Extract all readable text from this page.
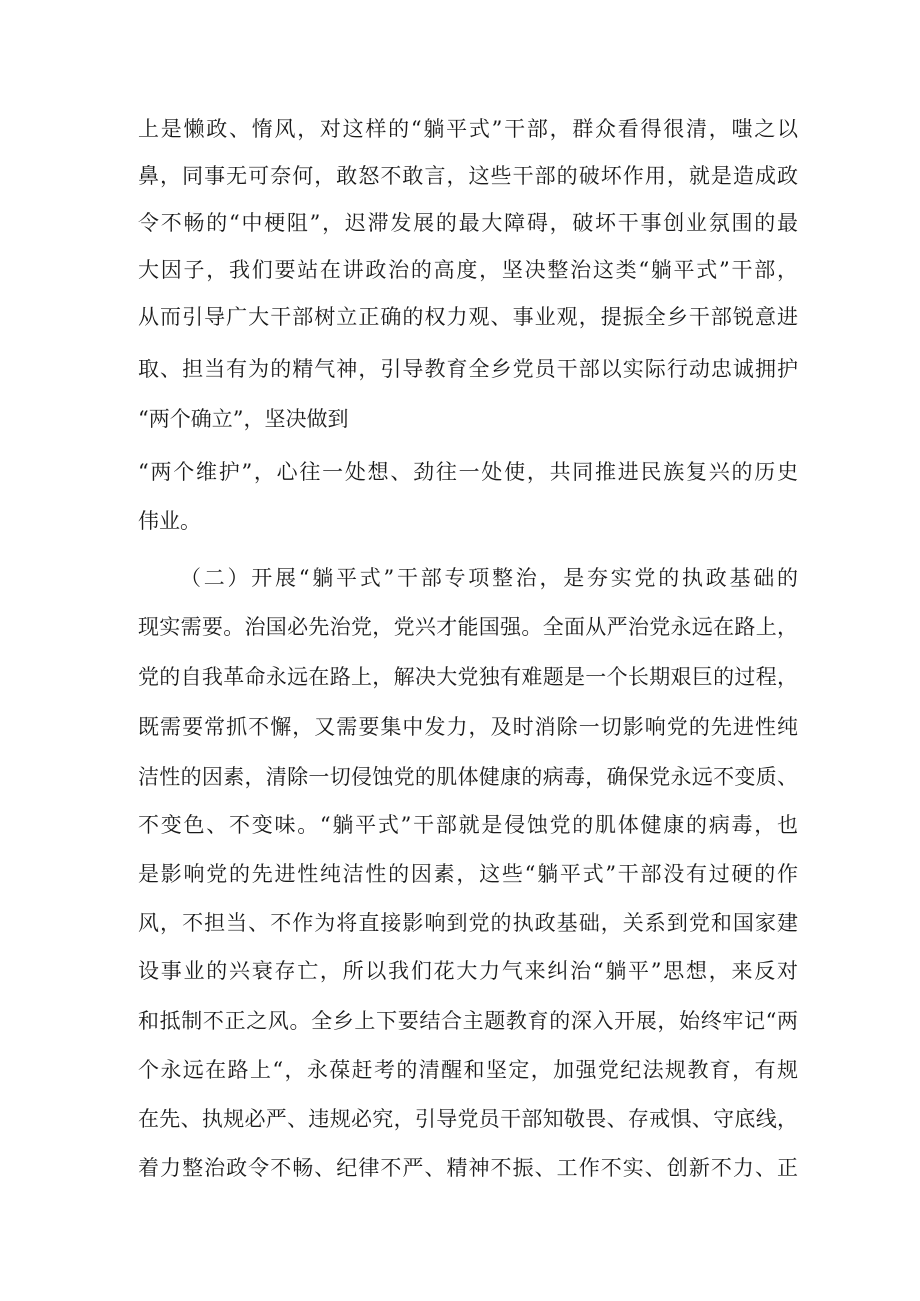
上是懒政、惰风，对这样的“躺平式”干部，群众看得很清，嗤之以
鼻，同事无可奈何，敢怒不敢言，这些干部的破坏作用，就是造成政
令不畅的“中梗阻”，迟滞发展的最大障碍，破坏干事创业氛围的最
大因子，我们要站在讲政治的高度，坚决整治这类“躺平式”干部，
从而引导广大干部树立正确的权力观、事业观，提振全乡干部锐意进
取、担当有为的精气神，引导教育全乡党员干部以实际行动忠诚拥护
“两个确立”，坚决做到
“两个维护”，心往一处想、劲往一处使，共同推进民族复兴的历史
伟业。
（二）开展“躺平式”干部专项整治，是夯实党的执政基础的
现实需要。治国必先治党，党兴才能国强。全面从严治党永远在路上，
党的自我革命永远在路上，解决大党独有难题是一个长期艰巨的过程，
既需要常抓不懈，又需要集中发力，及时消除一切影响党的先进性纯
洁性的因素，清除一切侵蚀党的肌体健康的病毒，确保党永远不变质、
不变色、不变味。“躺平式”干部就是侵蚀党的肌体健康的病毒，也
是影响党的先进性纯洁性的因素，这些“躺平式”干部没有过硬的作
风，不担当、不作为将直接影响到党的执政基础，关系到党和国家建
设事业的兴衰存亡，所以我们花大力气来纠治“躺平”思想，来反对
和抵制不正之风。全乡上下要结合主题教育的深入开展，始终牢记“两
个永远在路上“，永葆赶考的清醒和坚定，加强党纪法规教育，有规
在先、执规必严、违规必究，引导党员干部知敬畏、存戒惧、守底线，
着力整治政令不畅、纪律不严、精神不振、工作不实、创新不力、正
